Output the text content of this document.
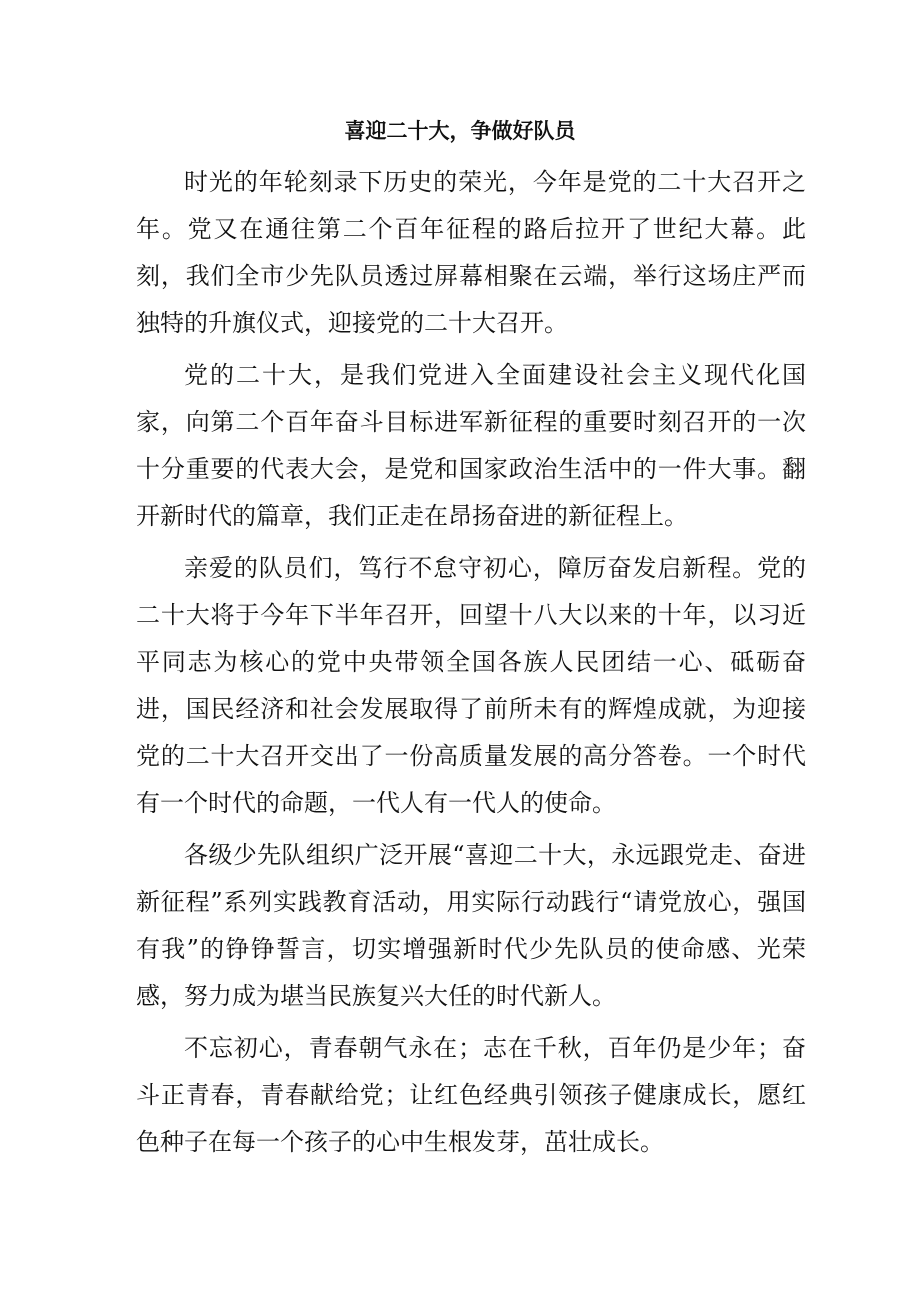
喜迎二十大，争做好队员

时光的年轮刻录下历史的荣光，今年是党的二十大召开之年。党又在通往第二个百年征程的路后拉开了世纪大幕。此刻，我们全市少先队员透过屏幕相聚在云端，举行这场庄严而独特的升旗仪式，迎接党的二十大召开。

党的二十大，是我们党进入全面建设社会主义现代化国家，向第二个百年奋斗目标进军新征程的重要时刻召开的一次十分重要的代表大会，是党和国家政治生活中的一件大事。翻开新时代的篇章，我们正走在昂扬奋进的新征程上。

亲爱的队员们，笃行不怠守初心，障厉奋发启新程。党的二十大将于今年下半年召开，回望十八大以来的十年，以习近平同志为核心的党中央带领全国各族人民团结一心、砥砺奋进，国民经济和社会发展取得了前所未有的辉煌成就，为迎接党的二十大召开交出了一份高质量发展的高分答卷。一个时代有一个时代的命题，一代人有一代人的使命。

各级少先队组织广泛开展“喜迎二十大，永远跟党走、奋进新征程”系列实践教育活动，用实际行动践行“请党放心，强国有我”的铮铮誓言，切实增强新时代少先队员的使命感、光荣感，努力成为堪当民族复兴大任的时代新人。

不忘初心，青春朝气永在；志在千秋，百年仍是少年；奋斗正青春，青春献给党；让红色经典引领孩子健康成长，愿红色种子在每一个孩子的心中生根发芽，茁壮成长。
